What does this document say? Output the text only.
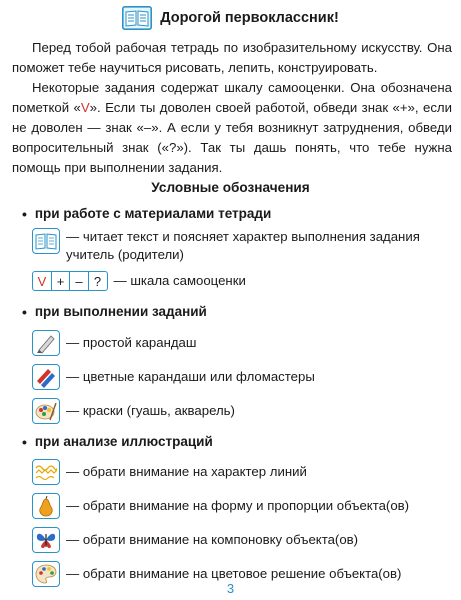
Дорогой первоклассник!

Перед тобой рабочая тетрадь по изобразительному искусству. Она поможет тебе научиться рисовать, лепить, конструировать.

Некоторые задания содержат шкалу самооценки. Она обозначена пометкой «V». Если ты доволен своей работой, обведи знак «+», если не доволен — знак «–». А если у тебя возникнут затруднения, обведи вопросительный знак («?»). Так ты дашь понять, что тебе нужна помощь при выполнении задания.

Условные обозначения
• при работе с материалами тетради
— читает текст и поясняет характер выполнения задания учитель (родители)
V + – ? — шкала самооценки
• при выполнении заданий
— простой карандаш
— цветные карандаши или фломастеры
— краски (гуашь, акварель)
• при анализе иллюстраций
— обрати внимание на характер линий
— обрати внимание на форму и пропорции объекта(ов)
— обрати внимание на компоновку объекта(ов)
— обрати внимание на цветовое решение объекта(ов)
3
